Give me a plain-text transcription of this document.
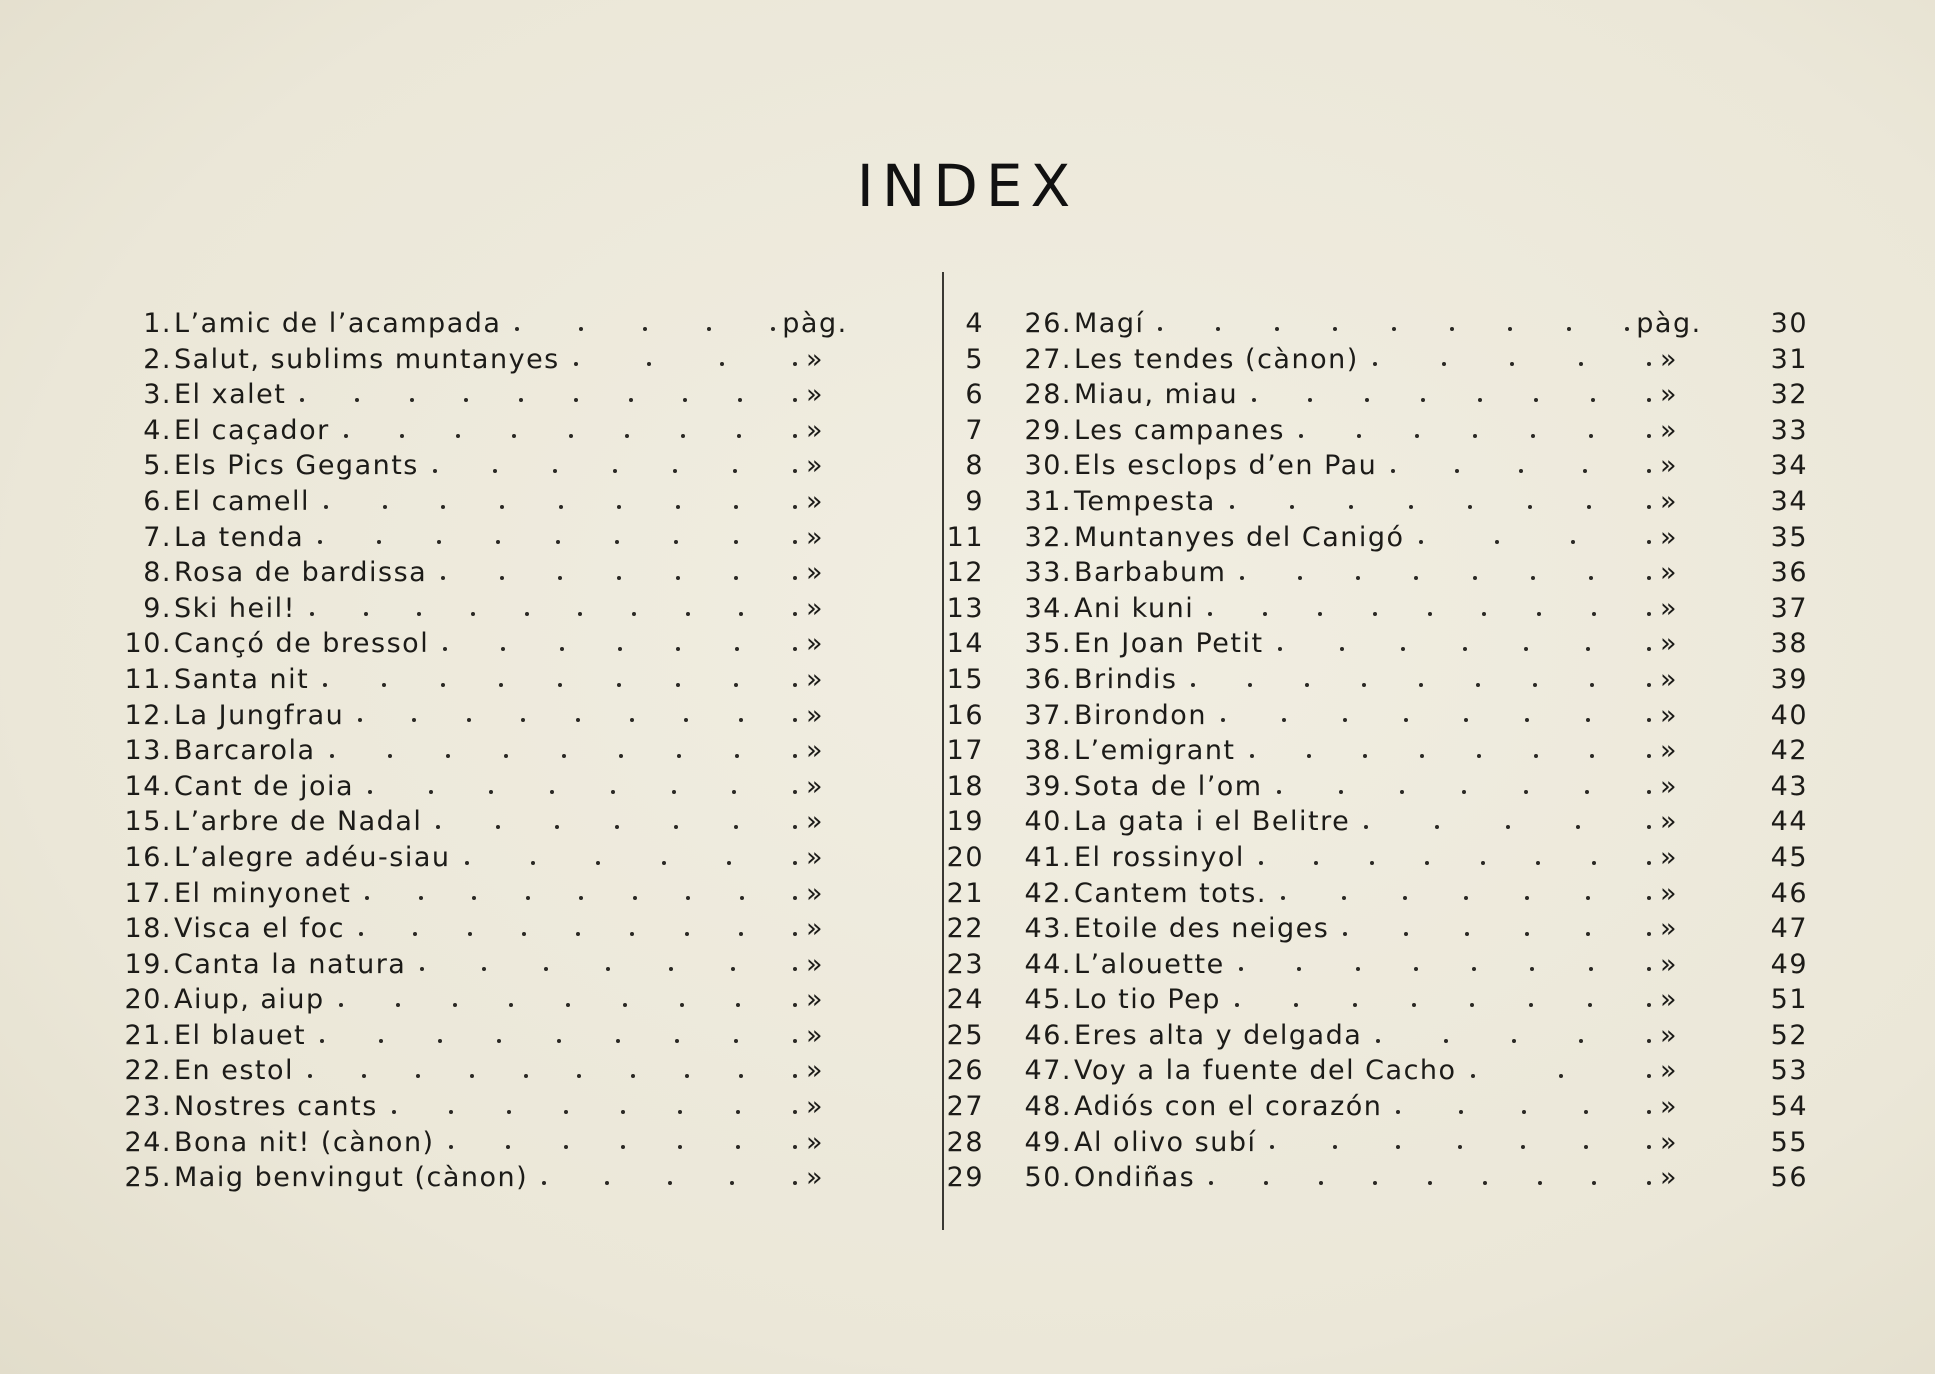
INDEX
1. L’amic de l’acampada	pàg.	4
2. Salut, sublims muntanyes	»	5
3. El xalet	»	6
4. El caçador	»	7
5. Els Pics Gegants	»	8
6. El camell	»	9
7. La tenda	»	11
8. Rosa de bardissa	»	12
9. Ski heil!	»	13
10. Cançó de bressol	»	14
11. Santa nit	»	15
12. La Jungfrau	»	16
13. Barcarola	»	17
14. Cant de joia	»	18
15. L’arbre de Nadal	»	19
16. L’alegre adéu-siau	»	20
17. El minyonet	»	21
18. Visca el foc	»	22
19. Canta la natura	»	23
20. Aiup, aiup	»	24
21. El blauet	»	25
22. En estol	»	26
23. Nostres cants	»	27
24. Bona nit! (cànon)	»	28
25. Maig benvingut (cànon)	»	29
26. Magí	pàg.	30
27. Les tendes (cànon)	»	31
28. Miau, miau	»	32
29. Les campanes	»	33
30. Els esclops d’en Pau	»	34
31. Tempesta	»	34
32. Muntanyes del Canigó	»	35
33. Barbabum	»	36
34. Ani kuni	»	37
35. En Joan Petit	»	38
36. Brindis	»	39
37. Birondon	»	40
38. L’emigrant	»	42
39. Sota de l’om	»	43
40. La gata i el Belitre	»	44
41. El rossinyol	»	45
42. Cantem tots.	»	46
43. Etoile des neiges	»	47
44. L’alouette	»	49
45. Lo tio Pep	»	51
46. Eres alta y delgada	»	52
47. Voy a la fuente del Cacho	»	53
48. Adiós con el corazón	»	54
49. Al olivo subí	»	55
50. Ondiñas	»	56
